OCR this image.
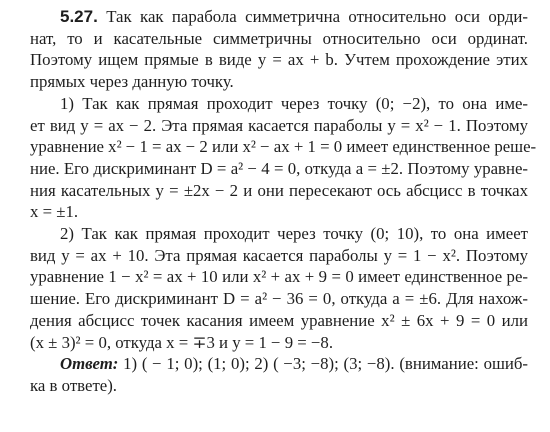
5.27. Так как парабола симметрична относительно оси орди-
нат, то и касательные симметричны относительно оси ординат.
Поэтому ищем прямые в виде y = ax + b. Учтем прохождение этих
прямых через данную точку.
1) Так как прямая проходит через точку (0; −2), то она име-
ет вид y = ax − 2. Эта прямая касается параболы y = x² − 1. Поэтому
уравнение x² − 1 = ax − 2 или x² − ax + 1 = 0 имеет единственное реше-
ние. Его дискриминант D = a² − 4 = 0, откуда a = ±2. Поэтому уравне-
ния касательных y = ±2x − 2 и они пересекают ось абсцисс в точках
x = ±1.
2) Так как прямая проходит через точку (0; 10), то она имеет
вид y = ax + 10. Эта прямая касается параболы y = 1 − x². Поэтому
уравнение 1 − x² = ax + 10 или x² + ax + 9 = 0 имеет единственное ре-
шение. Его дискриминант D = a² − 36 = 0, откуда a = ±6. Для нахож-
дения абсцисс точек касания имеем уравнение x² ± 6x + 9 = 0 или
(x ± 3)² = 0, откуда x = ∓3 и y = 1 − 9 = −8.
Ответ: 1) ( − 1; 0); (1; 0); 2) ( −3; −8); (3; −8). (внимание: ошиб-
ка в ответе).
